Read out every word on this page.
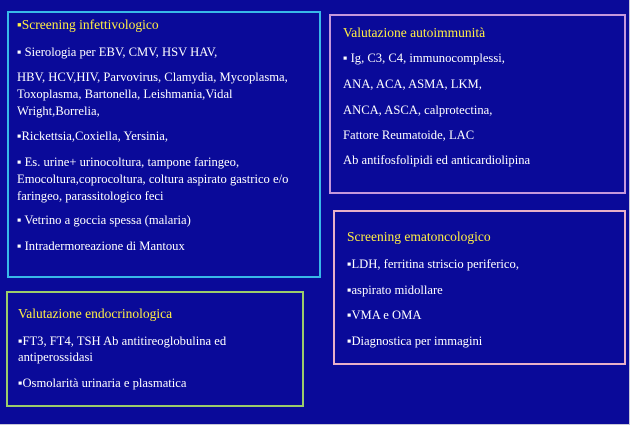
▪Screening infettivologico

▪ Sierologia per EBV, CMV, HSV HAV,

HBV, HCV,HIV, Parvovirus, Clamydia, Mycoplasma,

Toxoplasma, Bartonella, Leishmania,Vidal

Wright,Borrelia,

▪Rickettsia,Coxiella, Yersinia,

▪ Es. urine+ urinocoltura, tampone faringeo,

Emocoltura,coprocoltura, coltura aspirato gastrico e/o

faringeo, parassitologico feci

▪ Vetrino a goccia spessa (malaria)

▪ Intradermoreazione di Mantoux

Valutazione autoimmunità

▪ Ig, C3, C4, immunocomplessi,

ANA, ACA, ASMA, LKM,

ANCA, ASCA, calprotectina,

Fattore Reumatoide, LAC

Ab antifosfolipidi ed anticardiolipina

Screening ematoncologico

▪LDH, ferritina striscio periferico,

▪aspirato midollare

▪VMA e OMA

▪Diagnostica per immagini

Valutazione endocrinologica

▪FT3, FT4, TSH Ab antitireoglobulina ed

antiperossidasi

▪Osmolarità urinaria e plasmatica
